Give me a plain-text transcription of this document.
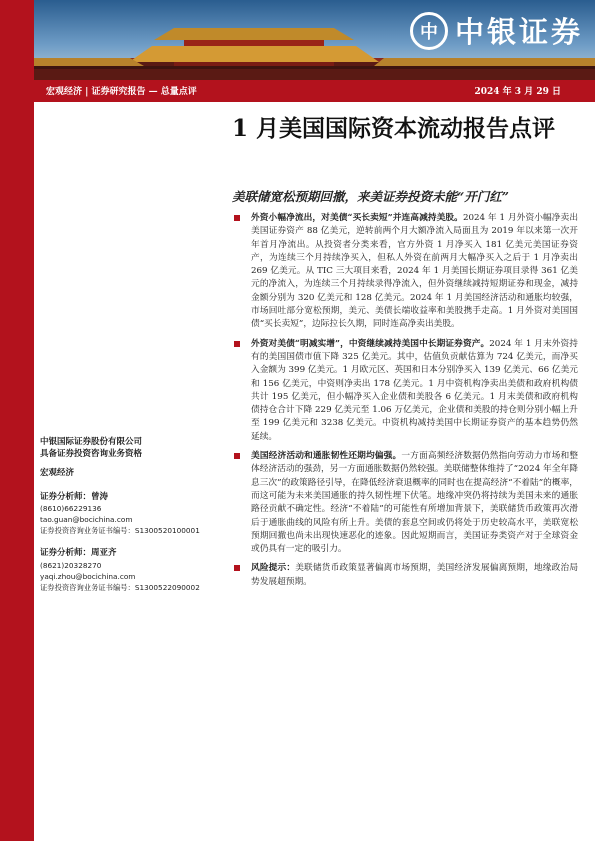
中 中银证券
宏观经济 | 证券研究报告 — 总量点评	2024 年 3 月 29 日
1 月美国国际资本流动报告点评
美联储宽松预期回撤，来美证券投资未能“开门红”
外资小幅净流出，对美债“买长卖短”并连高减持美股。2024 年 1 月外资小幅净卖出美国证券资产 88 亿美元，逆转前两个月大额净流入局面且为 2019 年以来第一次开年首月净流出。从投资者分类来看，官方外资 1 月净买入 181 亿美元美国证券资产，为连续三个月持续净买入，但私人外资在前两月大幅净买入之后于 1 月净卖出 269 亿美元。从 TIC 三大项目来看，2024 年 1 月美国长期证券项目录得 361 亿美元的净流入，为连续三个月持续录得净流入，但外资继续减持短期证券和现金，减持金额分别为 320 亿美元和 128 亿美元。2024 年 1 月美国经济活动和通胀均较强，市场回吐部分宽松预期，美元、美债长端收益率和美股携手走高。1 月外资对美国国债“买长卖短”，边际拉长久期，同时连高净卖出美股。
外资对美债“明减实增”，中资继续减持美国中长期证券资产。2024 年 1 月末外资持有的美国国债市值下降 325 亿美元。其中，估值负贡献估算为 724 亿美元，而净买入金额为 399 亿美元。1 月欧元区、英国和日本分别净买入 139 亿美元、66 亿美元和 156 亿美元，中资则净卖出 178 亿美元。1 月中资机构净卖出美债和政府机构债共计 195 亿美元，但小幅净买入企业债和美股各 6 亿美元。1 月末美债和政府机构债持仓合计下降 229 亿美元至 1.06 万亿美元，企业债和美股的持仓则分别小幅上升至 199 亿美元和 3238 亿美元。中资机构减持美国中长期证券资产的基本趋势仍然延续。
美国经济活动和通胀韧性还期均偏强。一方面高频经济数据仍然指向劳动力市场和整体经济活动的强劲，另一方面通胀数据仍然较强。美联储整体维持了“2024 年全年降息三次”的政策路径引导，在降低经济衰退概率的同时也在提高经济“不着陆”的概率，而这可能为未来美国通胀的持久韧性埋下伏笔。地缘冲突仍将持续为美国未来的通胀路径贡献不确定性。经济“不着陆”的可能性有所增加背景下，美联储货币政策再次滑后于通胀曲线的风险有所上升。美债的套息空间或仍将处于历史较高水平，美联宽松预期回撤也尚未出现快速恶化的迹象。因此短期而言，美国证券类资产对于全球资金或仍具有一定的吸引力。
风险提示：美联储货币政策显著偏离市场预期，美国经济发展偏离预期，地缘政治局势发展超预期。
中银国际证券股份有限公司
具备证券投资咨询业务资格
宏观经济
证券分析师：曾涛
(8610)66229136
tao.guan@bocichina.com
证券投资咨询业务证书编号：S1300520100001
证券分析师：周亚齐
(8621)20328270
yaqi.zhou@bocichina.com
证券投资咨询业务证书编号：S1300522090002
